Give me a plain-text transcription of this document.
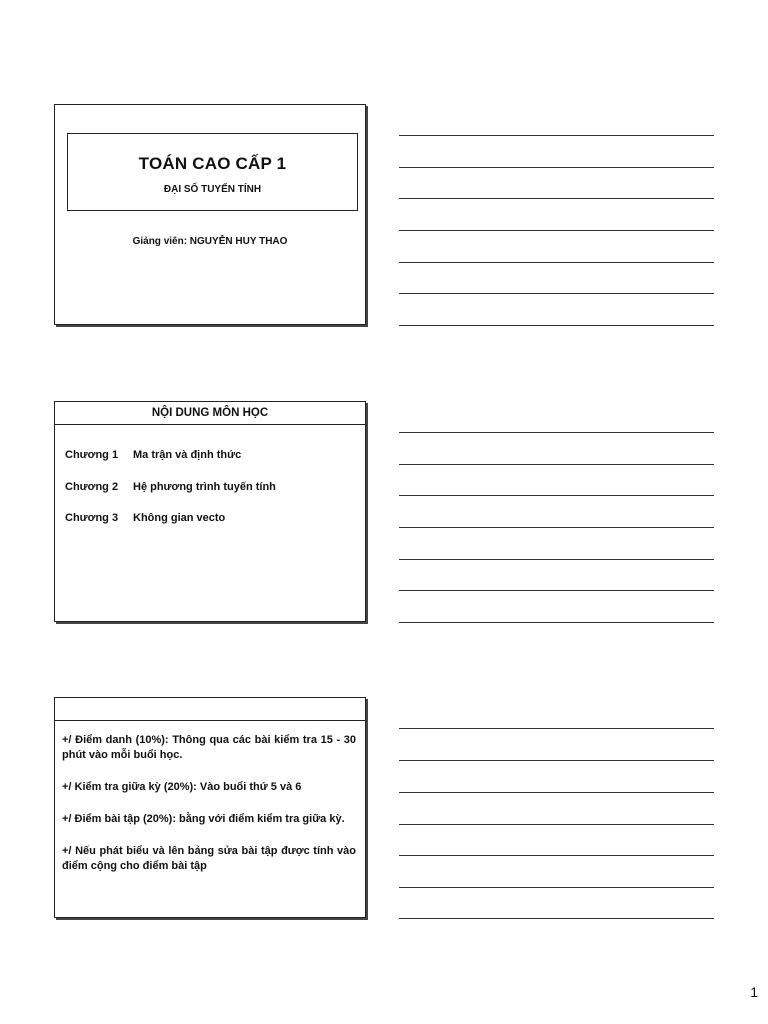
TOÁN CAO CẤP 1
ĐẠI SỐ TUYẾN TÍNH
Giảng viên: NGUYỄN HUY THAO
NỘI DUNG MÔN HỌC
Chương 1	Ma trận và định thức
Chương 2	Hệ phương trình tuyến tính
Chương 3	Không gian vecto

+/ Điểm danh (10%): Thông qua các bài kiểm tra 15 - 30 phút vào mỗi buổi học.

+/ Kiểm tra giữa kỳ (20%): Vào buổi thứ 5 và 6

+/ Điểm bài tập (20%): bằng với điểm kiểm tra giữa kỳ.

+/ Nếu phát biểu và lên bảng sửa bài tập được tính vào điểm cộng cho điểm bài tập

1
